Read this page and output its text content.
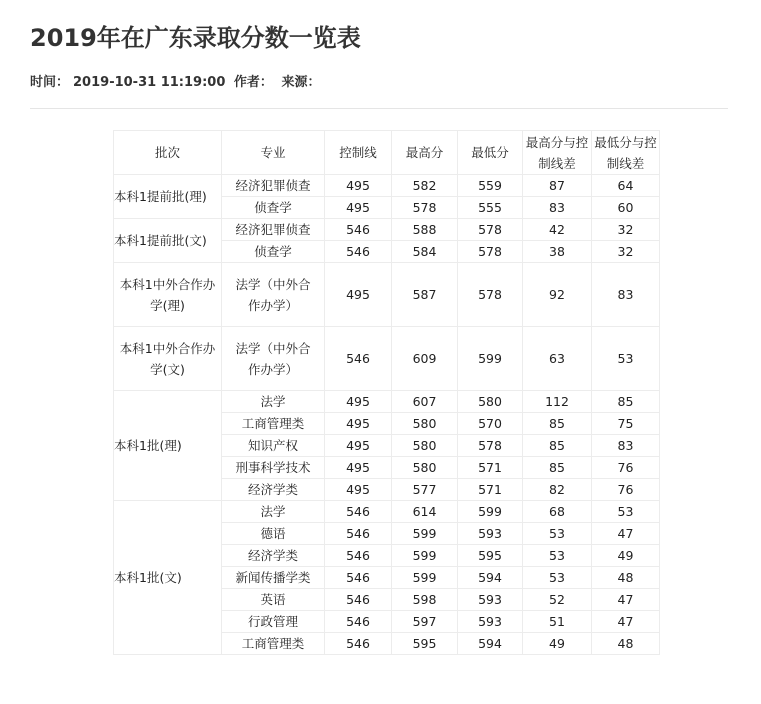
2019年在广东录取分数一览表
时间： 2019-10-31 11:19:00 作者： 来源：
批次	专业	控制线	最高分	最低分	最高分与控制线差	最低分与控制线差
本科1提前批(理)	经济犯罪侦查	495	582	559	87	64
	侦查学	495	578	555	83	60
本科1提前批(文)	经济犯罪侦查	546	588	578	42	32
	侦查学	546	584	578	38	32
本科1中外合作办学(理)	法学（中外合作办学）	495	587	578	92	83
本科1中外合作办学(文)	法学（中外合作办学）	546	609	599	63	53
本科1批(理)	法学	495	607	580	112	85
	工商管理类	495	580	570	85	75
	知识产权	495	580	578	85	83
	刑事科学技术	495	580	571	85	76
	经济学类	495	577	571	82	76
本科1批(文)	法学	546	614	599	68	53
	德语	546	599	593	53	47
	经济学类	546	599	595	53	49
	新闻传播学类	546	599	594	53	48
	英语	546	598	593	52	47
	行政管理	546	597	593	51	47
	工商管理类	546	595	594	49	48
